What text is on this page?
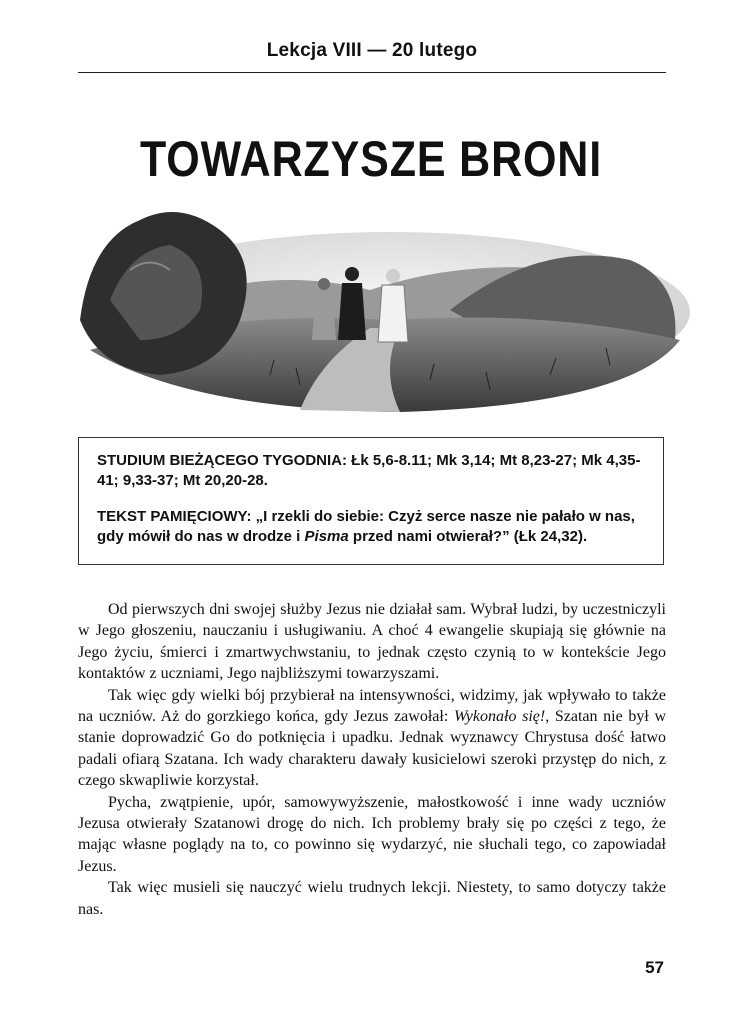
Lekcja VIII — 20 lutego
TOWARZYSZE BRONI

STUDIUM BIEŻĄCEGO TYGODNIA: Łk 5,6-8.11; Mk 3,14; Mt 8,23-27; Mk 4,35-41; 9,33-37; Mt 20,20-28.

TEKST PAMIĘCIOWY: „I rzekli do siebie: Czyż serce nasze nie pałało w nas, gdy mówił do nas w drodze i Pisma przed nami otwierał?” (Łk 24,32).

Od pierwszych dni swojej służby Jezus nie działał sam. Wybrał ludzi, by uczestniczyli w Jego głoszeniu, nauczaniu i usługiwaniu. A choć 4 ewangelie skupiają się głównie na Jego życiu, śmierci i zmartwychwstaniu, to jednak często czynią to w kontekście Jego kontaktów z uczniami, Jego najbliższymi towarzyszami.

Tak więc gdy wielki bój przybierał na intensywności, widzimy, jak wpływało to także na uczniów. Aż do gorzkiego końca, gdy Jezus zawołał: Wykonało się!, Szatan nie był w stanie doprowadzić Go do potknięcia i upadku. Jednak wyznawcy Chrystusa dość łatwo padali ofiarą Szatana. Ich wady charakteru dawały kusicielowi szeroki przystęp do nich, z czego skwapliwie korzystał.

Pycha, zwątpienie, upór, samowywyższenie, małostkowość i inne wady uczniów Jezusa otwierały Szatanowi drogę do nich. Ich problemy brały się po części z tego, że mając własne poglądy na to, co powinno się wydarzyć, nie słuchali tego, co zapowiadał Jezus.

Tak więc musieli się nauczyć wielu trudnych lekcji. Niestety, to samo dotyczy także nas.

57
